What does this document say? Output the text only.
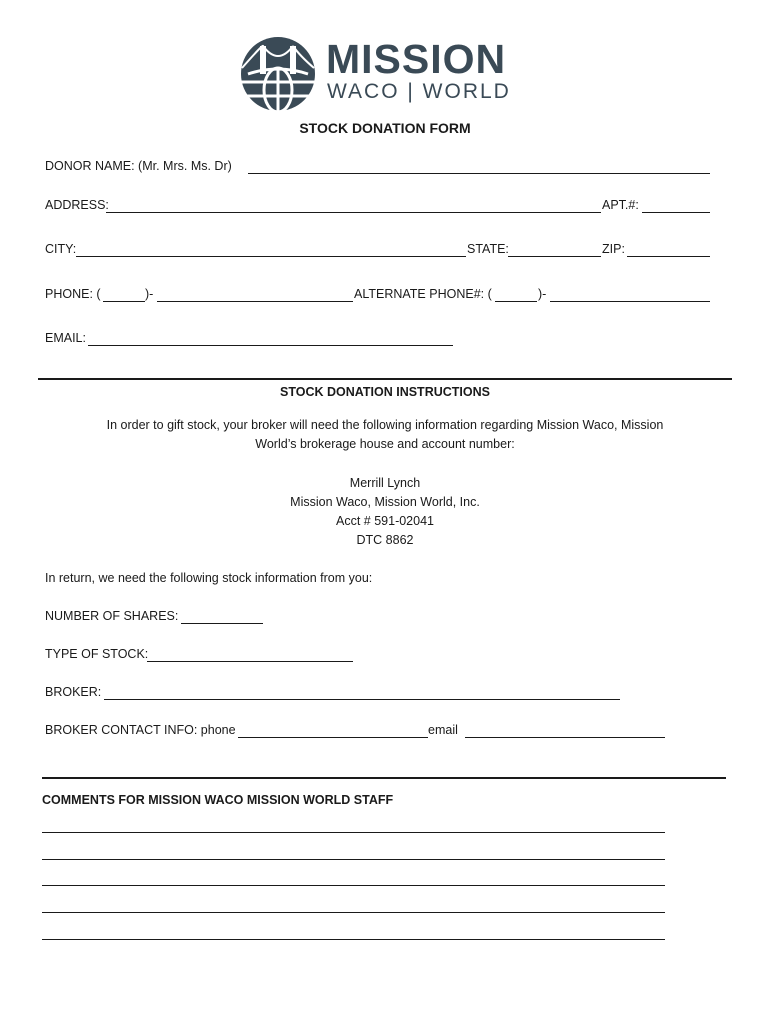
MISSION
WACO | WORLD
STOCK DONATION FORM
DONOR NAME: (Mr. Mrs. Ms. Dr)
ADDRESS:	APT.#:
CITY:	STATE:	ZIP:
PHONE: (	)-	ALTERNATE PHONE#: (	)-
EMAIL:
STOCK DONATION INSTRUCTIONS
In order to gift stock, your broker will need the following information regarding Mission Waco, Mission
World’s brokerage house and account number:
Merrill Lynch
Mission Waco, Mission World, Inc.
Acct # 591-02041
DTC 8862
In return, we need the following stock information from you:
NUMBER OF SHARES:
TYPE OF STOCK:
BROKER:
BROKER CONTACT INFO: phone	email
COMMENTS FOR MISSION WACO MISSION WORLD STAFF
